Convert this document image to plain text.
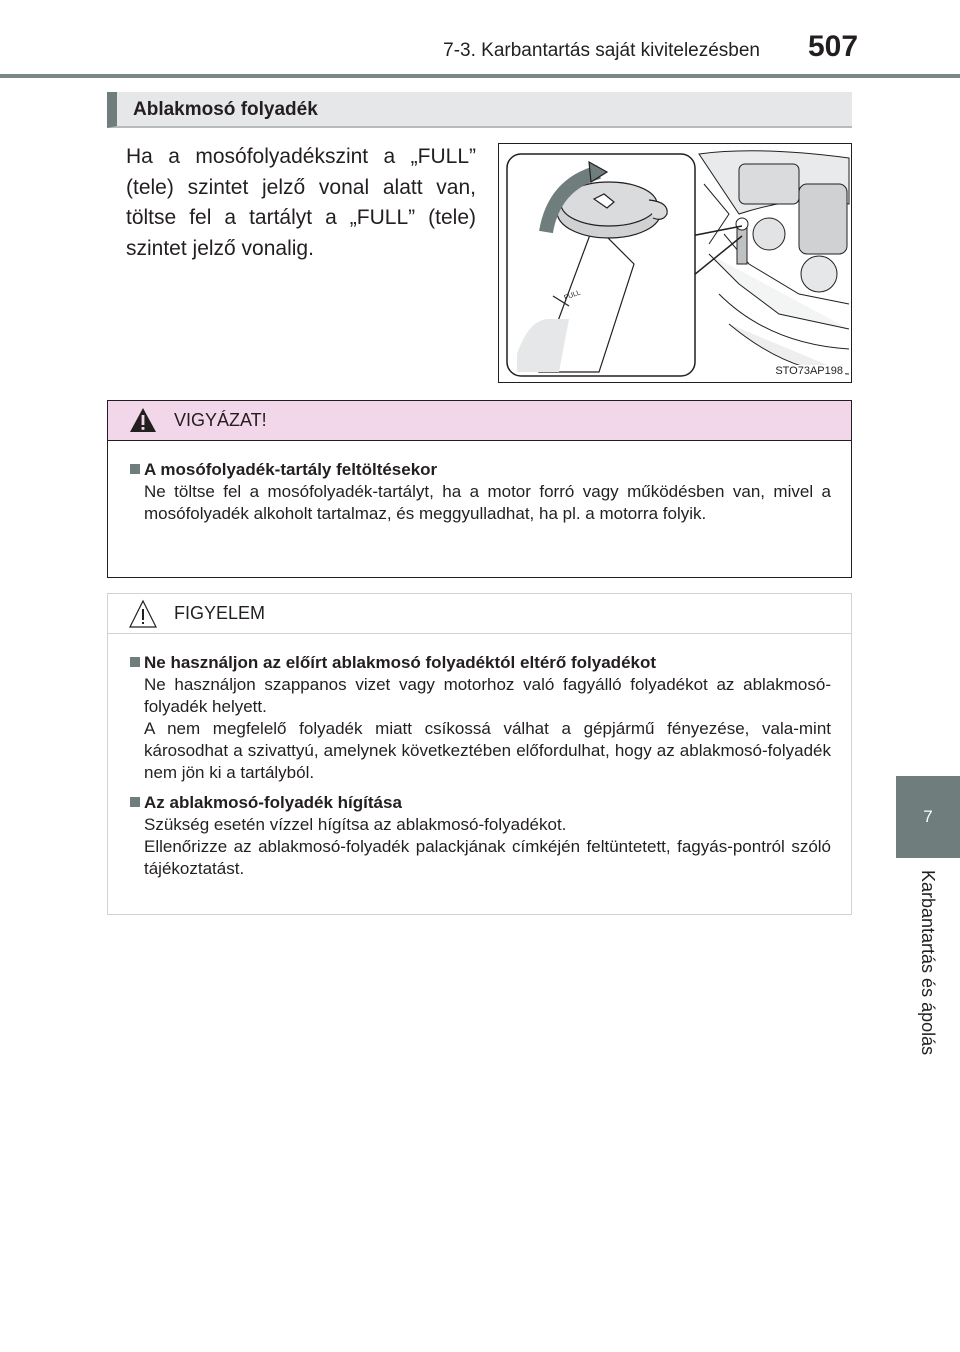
7-3. Karbantartás saját kivitelezésben 507
7
Karbantartás és ápolás
Ablakmosó folyadék
Ha a mosófolyadékszint a „FULL” (tele) szintet jelző vonal alatt van, töltse fel a tartályt a „FULL” (tele) szintet jelző vonalig.
FULL
STO73AP198
VIGYÁZAT!
A mosófolyadék-tartály feltöltésekor
Ne töltse fel a mosófolyadék-tartályt, ha a motor forró vagy működésben van, mivel a mosófolyadék alkoholt tartalmaz, és meggyulladhat, ha pl. a motorra folyik.
FIGYELEM
Ne használjon az előírt ablakmosó folyadéktól eltérő folyadékot
Ne használjon szappanos vizet vagy motorhoz való fagyálló folyadékot az ablakmosó-folyadék helyett.
A nem megfelelő folyadék miatt csíkossá válhat a gépjármű fényezése, vala-mint károsodhat a szivattyú, amelynek következtében előfordulhat, hogy az ablakmosó-folyadék nem jön ki a tartályból.
Az ablakmosó-folyadék hígítása
Szükség esetén vízzel hígítsa az ablakmosó-folyadékot.
Ellenőrizze az ablakmosó-folyadék palackjának címkéjén feltüntetett, fagyás-pontról szóló tájékoztatást.
